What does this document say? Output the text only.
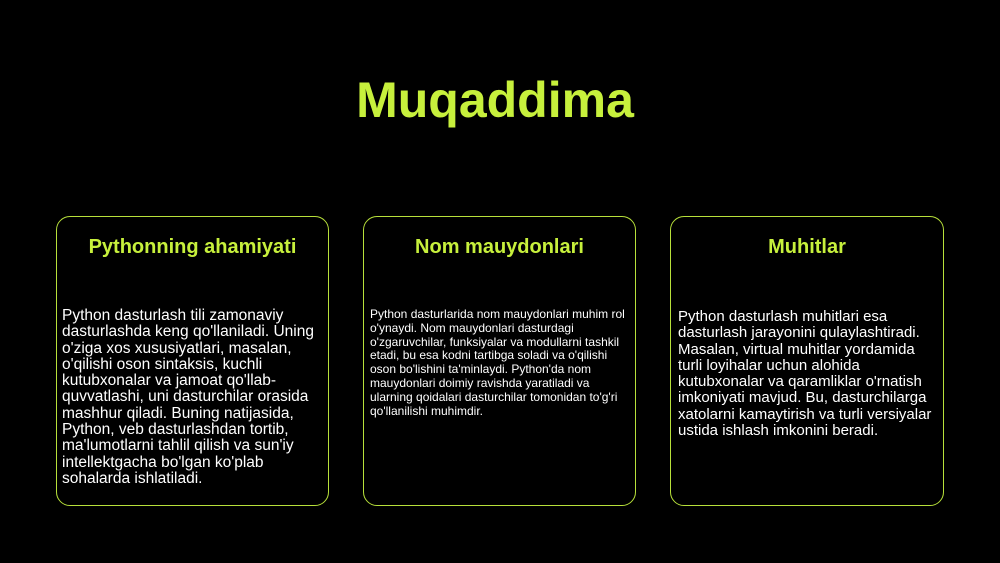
Muqaddima
Pythonning ahamiyati

Python dasturlash tili zamonaviy dasturlashda keng qo'llaniladi. Uning o'ziga xos xususiyatlari, masalan, o'qilishi oson sintaksis, kuchli kutubxonalar va jamoat qo'llab-quvvatlashi, uni dasturchilar orasida mashhur qiladi. Buning natijasida, Python, veb dasturlashdan tortib, ma'lumotlarni tahlil qilish va sun'iy intellektgacha bo'lgan ko'plab sohalarda ishlatiladi.

Nom mauydonlari

Python dasturlarida nom mauydonlari muhim rol o'ynaydi. Nom mauydonlari dasturdagi o'zgaruvchilar, funksiyalar va modullarni tashkil etadi, bu esa kodni tartibga soladi va o'qilishi oson bo'lishini ta'minlaydi. Python'da nom mauydonlari doimiy ravishda yaratiladi va ularning qoidalari dasturchilar tomonidan to'g'ri qo'llanilishi muhimdir.

Muhitlar

Python dasturlash muhitlari esa dasturlash jarayonini qulaylashtiradi. Masalan, virtual muhitlar yordamida turli loyihalar uchun alohida kutubxonalar va qaramliklar o'rnatish imkoniyati mavjud. Bu, dasturchilarga xatolarni kamaytirish va turli versiyalar ustida ishlash imkonini beradi.
